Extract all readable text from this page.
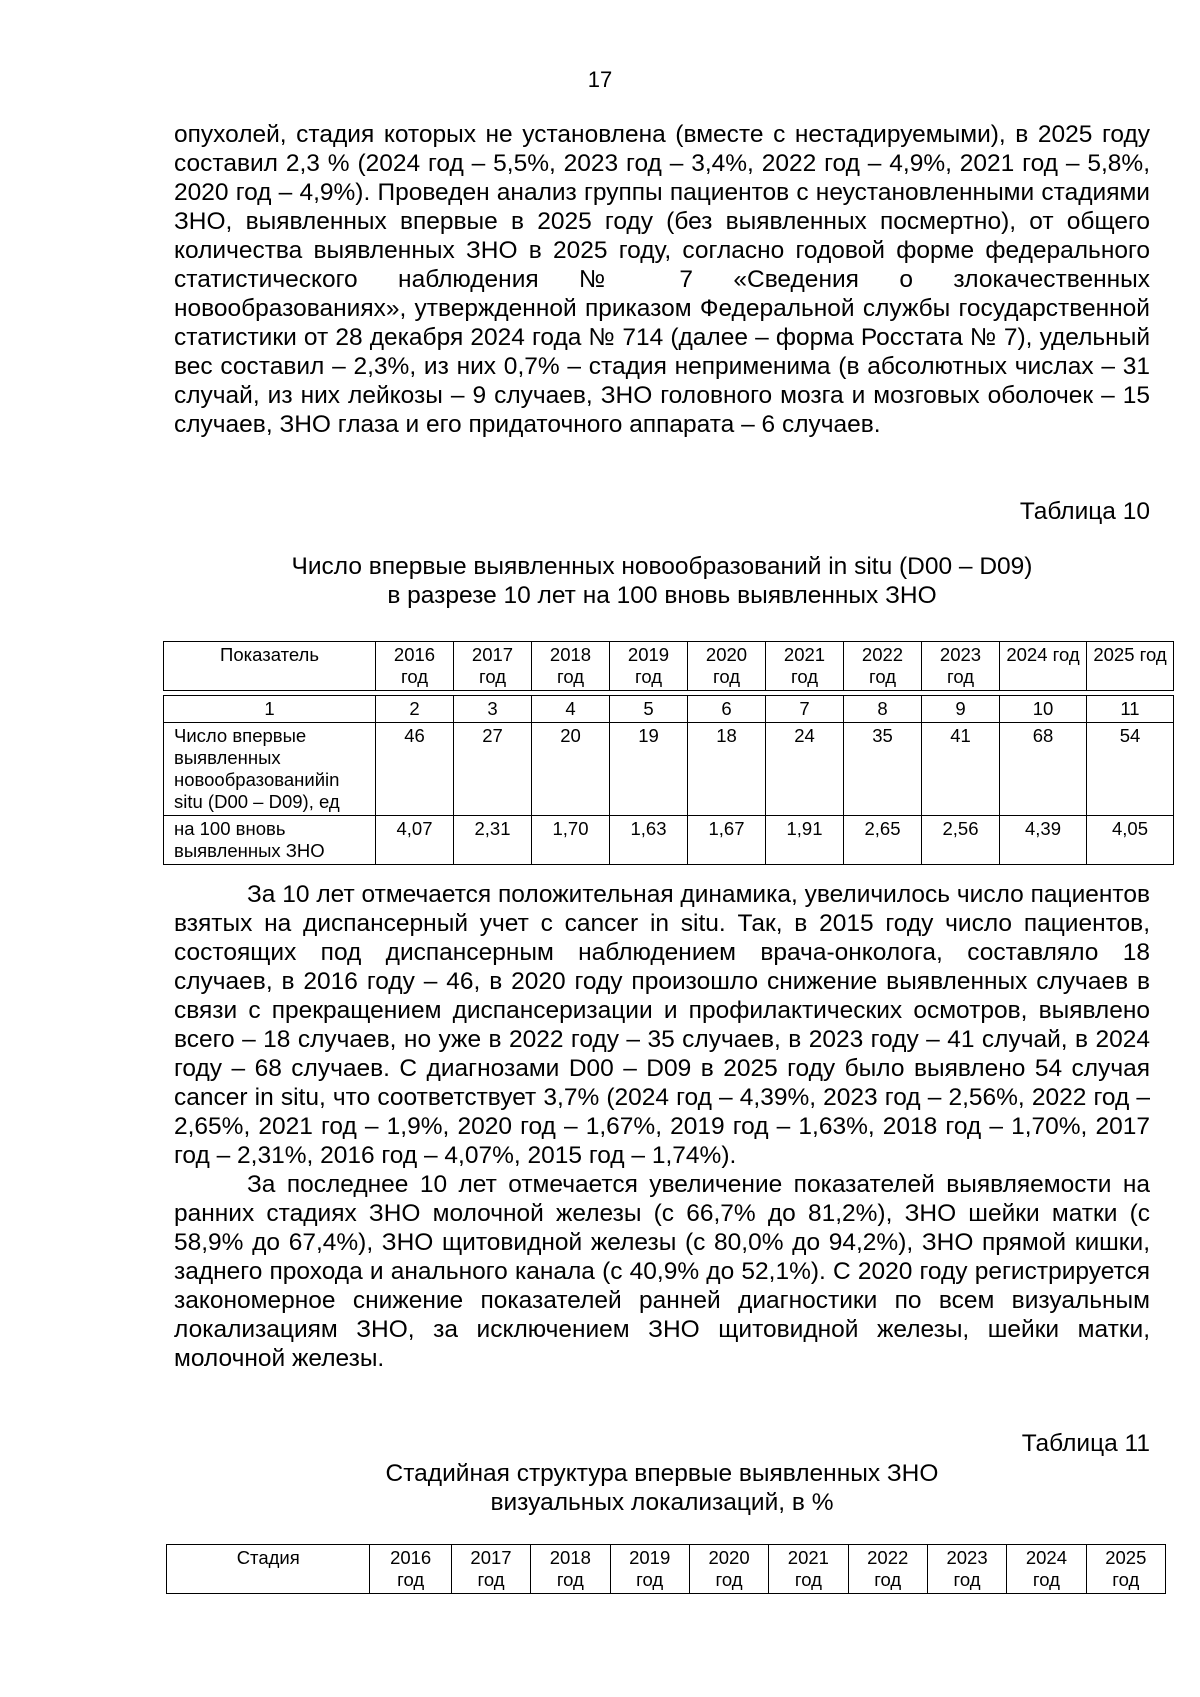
17

опухолей, стадия которых не установлена (вместе с нестадируемыми), в 2025 году составил 2,3 % (2024 год – 5,5%, 2023 год – 3,4%, 2022 год – 4,9%, 2021 год – 5,8%, 2020 год – 4,9%). Проведен анализ группы пациентов с неустановленными стадиями ЗНО, выявленных впервые в 2025 году (без выявленных посмертно), от общего количества выявленных ЗНО в 2025 году, согласно годовой форме федерального статистического наблюдения № 7 «Сведения о злокачественных новообразованиях», утвержденной приказом Федеральной службы государственной статистики от 28 декабря 2024 года № 714 (далее – форма Росстата № 7), удельный вес составил – 2,3%, из них 0,7% – стадия неприменима (в абсолютных числах – 31 случай, из них лейкозы – 9 случаев, ЗНО головного мозга и мозговых оболочек – 15 случаев, ЗНО глаза и его придаточного аппарата – 6 случаев.

Таблица 10
Число впервые выявленных новообразований in situ (D00 – D09)
в разрезе 10 лет на 100 вновь выявленных ЗНО
Показатель	2016 год	2017 год	2018 год	2019 год	2020 год	2021 год	2022 год	2023 год	2024 год	2025 год

1	2	3	4	5	6	7	8	9	10	11
Число впервые выявленных новообразованийin situ (D00 – D09), ед	46	27	20	19	18	24	35	41	68	54
на 100 вновь выявленных ЗНО	4,07	2,31	1,70	1,63	1,67	1,91	2,65	2,56	4,39	4,05

За 10 лет отмечается положительная динамика, увеличилось число пациентов взятых на диспансерный учет с cancer in situ. Так, в 2015 году число пациентов, состоящих под диспансерным наблюдением врача-онколога, составляло 18 случаев, в 2016 году – 46, в 2020 году произошло снижение выявленных случаев в связи с прекращением диспансеризации и профилактических осмотров, выявлено всего – 18 случаев, но уже в 2022 году – 35 случаев, в 2023 году – 41 случай, в 2024 году – 68 случаев. С диагнозами D00 – D09 в 2025 году было выявлено 54 случая cancer in situ, что соответствует 3,7% (2024 год – 4,39%, 2023 год – 2,56%, 2022 год – 2,65%, 2021 год – 1,9%, 2020 год – 1,67%, 2019 год – 1,63%, 2018 год – 1,70%, 2017 год – 2,31%, 2016 год – 4,07%, 2015 год – 1,74%).

За последнее 10 лет отмечается увеличение показателей выявляемости на ранних стадиях ЗНО молочной железы (с 66,7% до 81,2%), ЗНО шейки матки (с 58,9% до 67,4%), ЗНО щитовидной железы (с 80,0% до 94,2%), ЗНО прямой кишки, заднего прохода и анального канала (с 40,9% до 52,1%). С 2020 году регистрируется закономерное снижение показателей ранней диагностики по всем визуальным локализациям ЗНО, за исключением ЗНО щитовидной железы, шейки матки, молочной железы.

Таблица 11
Стадийная структура впервые выявленных ЗНО
визуальных локализаций, в %
Стадия	2016 год	2017 год	2018 год	2019 год	2020 год	2021 год	2022 год	2023 год	2024 год	2025 год
